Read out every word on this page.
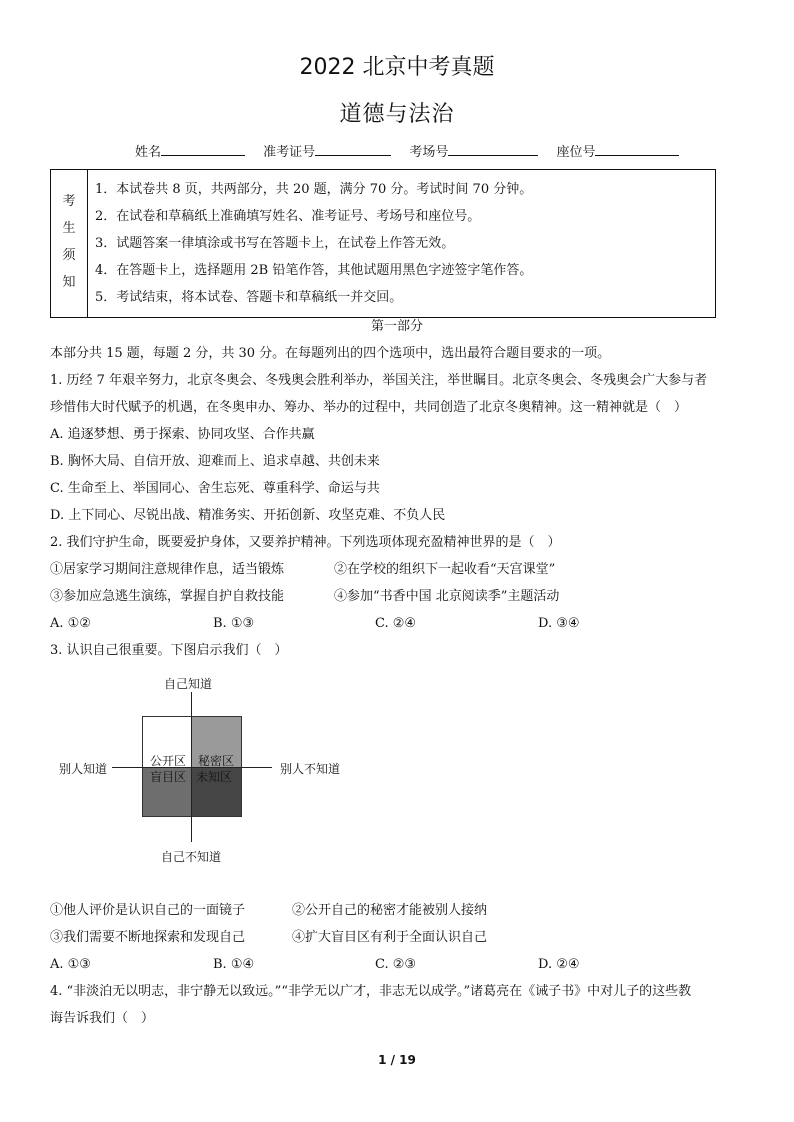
2022 北京中考真题
道德与法治
姓名	准考证号	考场号	座位号
考
生
须
知
1．本试卷共 8 页，共两部分，共 20 题，满分 70 分。考试时间 70 分钟。
2．在试卷和草稿纸上准确填写姓名、准考证号、考场号和座位号。
3．试题答案一律填涂或书写在答题卡上，在试卷上作答无效。
4．在答题卡上，选择题用 2B 铅笔作答，其他试题用黑色字迹签字笔作答。
5．考试结束，将本试卷、答题卡和草稿纸一并交回。
第一部分
本部分共 15 题，每题 2 分，共 30 分。在每题列出的四个选项中，选出最符合题目要求的一项。
1. 历经 7 年艰辛努力，北京冬奥会、冬残奥会胜利举办，举国关注，举世瞩目。北京冬奥会、冬残奥会广大参与者
珍惜伟大时代赋予的机遇，在冬奥申办、筹办、举办的过程中，共同创造了北京冬奥精神。这一精神就是（　）
A. 追逐梦想、勇于探索、协同攻坚、合作共赢
B. 胸怀大局、自信开放、迎难而上、追求卓越、共创未来
C. 生命至上、举国同心、舍生忘死、尊重科学、命运与共
D. 上下同心、尽锐出战、精准务实、开拓创新、攻坚克难、不负人民
2. 我们守护生命，既要爱护身体，又要养护精神。下列选项体现充盈精神世界的是（　）
①居家学习期间注意规律作息，适当锻炼	②在学校的组织下一起收看“天宫课堂”
③参加应急逃生演练，掌握自护自救技能	④参加“书香中国 北京阅读季”主题活动
A. ①②	B. ①③	C. ②④	D. ③④
3. 认识自己很重要。下图启示我们（　）
公开区 秘密区
盲目区 未知区
自己知道
自己不知道
别人知道	别人不知道
①他人评价是认识自己的一面镜子	②公开自己的秘密才能被别人接纳
③我们需要不断地探索和发现自己	④扩大盲目区有利于全面认识自己
A. ①③	B. ①④	C. ②③	D. ②④
4. “非淡泊无以明志，非宁静无以致远。”“非学无以广才，非志无以成学。”诸葛亮在《诫子书》中对儿子的这些教
诲告诉我们（　）
1 / 19
